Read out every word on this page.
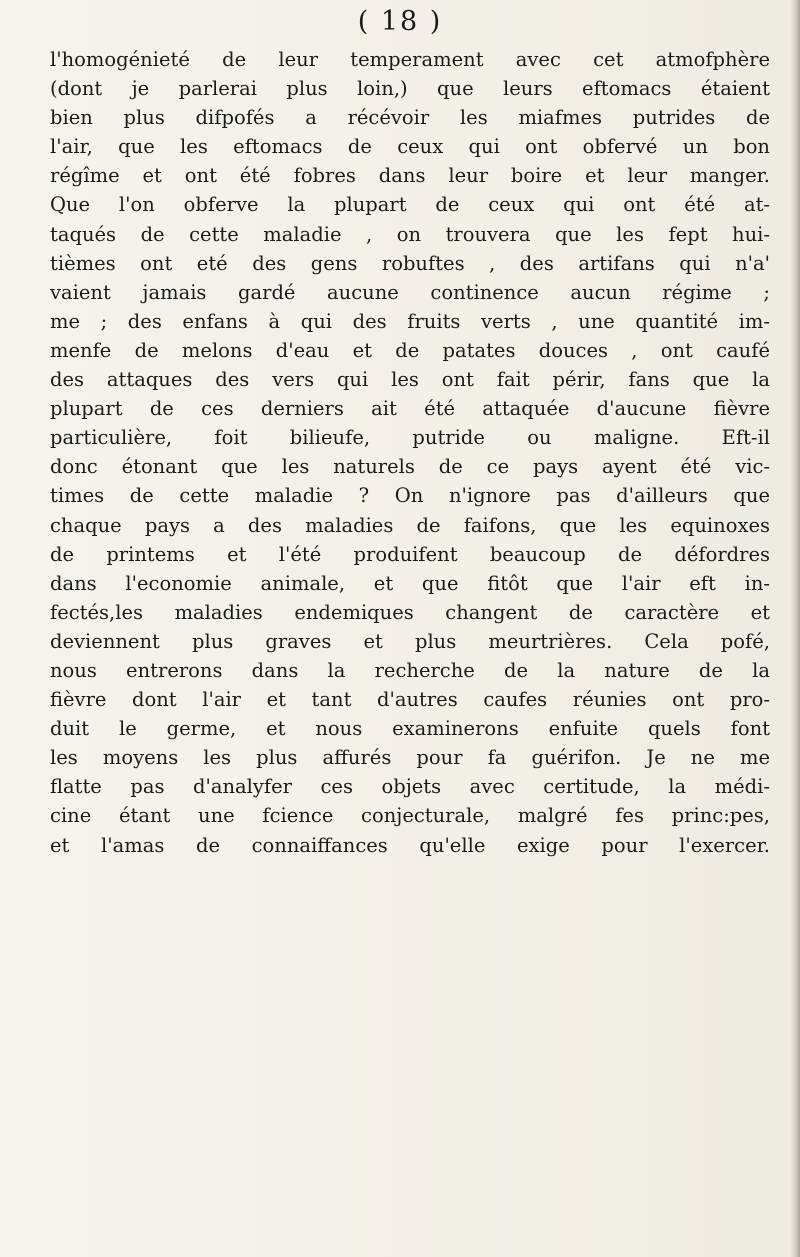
( 18 )
l'homogénieté de leur temperament avec cet atmofphère
(dont je parlerai plus loin,) que leurs eftomacs étaient
bien plus difpofés a récévoir les miafmes putrides de
l'air, que les eftomacs de ceux qui ont obfervé un bon
régîme et ont été fobres dans leur boire et leur manger.
Que l'on obferve la plupart de ceux qui ont été at-
taqués de cette maladie , on trouvera que les fept hui-
tièmes ont eté des gens robuftes , des artifans qui n'a'
vaient jamais gardé aucune continence aucun régime ;
me ; des enfans à qui des fruits verts , une quantité im-
menfe de melons d'eau et de patates douces , ont caufé
des attaques des vers qui les ont fait périr, fans que la
plupart de ces derniers ait été attaquée d'aucune fièvre
particulière, foit bilieufe, putride ou maligne. Eft-il
donc étonant que les naturels de ce pays ayent été vic-
times de cette maladie ? On n'ignore pas d'ailleurs que
chaque pays a des maladies de faifons, que les equinoxes
de printems et l'été produifent beaucoup de défordres
dans l'economie animale, et que fitôt que l'air eft in-
fectés,les maladies endemiques changent de caractère et
deviennent plus graves et plus meurtrières. Cela pofé,
nous entrerons dans la recherche de la nature de la
fièvre dont l'air et tant d'autres caufes réunies ont pro-
duit le germe, et nous examinerons enfuite quels font
les moyens les plus affurés pour fa guérifon. Je ne me
flatte pas d'analyfer ces objets avec certitude, la médi-
cine étant une fcience conjecturale, malgré fes princ:pes,
et l'amas de connaiffances qu'elle exige pour l'exercer.
